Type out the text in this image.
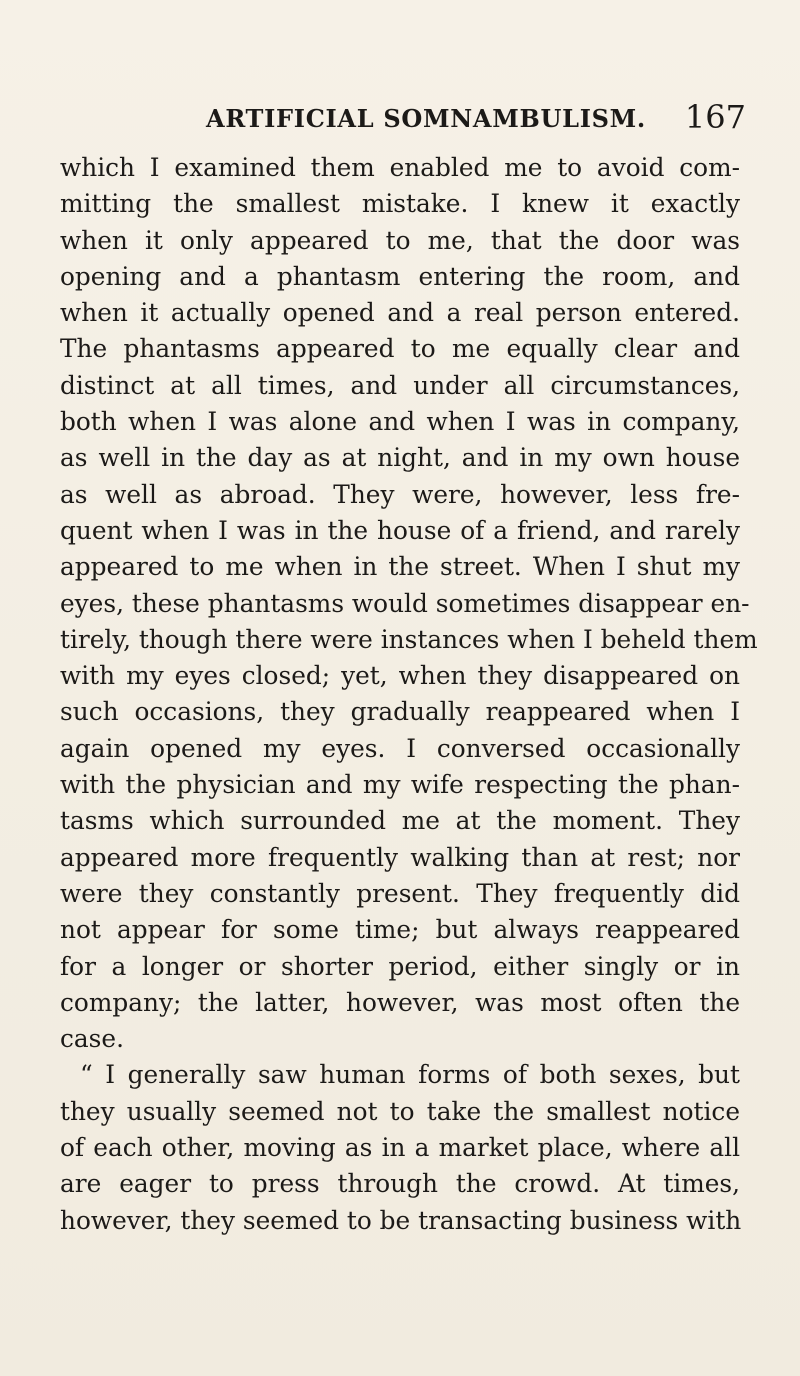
ARTIFICIAL SOMNAMBULISM. 167
which I examined them enabled me to avoid com-
mitting the smallest mistake. I knew it exactly
when it only appeared to me, that the door was
opening and a phantasm entering the room, and
when it actually opened and a real person entered.
The phantasms appeared to me equally clear and
distinct at all times, and under all circumstances,
both when I was alone and when I was in company,
as well in the day as at night, and in my own house
as well as abroad. They were, however, less fre-
quent when I was in the house of a friend, and rarely
appeared to me when in the street. When I shut my
eyes, these phantasms would sometimes disappear en-
tirely, though there were instances when I beheld them
with my eyes closed; yet, when they disappeared on
such occasions, they gradually reappeared when I
again opened my eyes. I conversed occasionally
with the physician and my wife respecting the phan-
tasms which surrounded me at the moment. They
appeared more frequently walking than at rest; nor
were they constantly present. They frequently did
not appear for some time; but always reappeared
for a longer or shorter period, either singly or in
company; the latter, however, was most often the
case.
“ I generally saw human forms of both sexes, but
they usually seemed not to take the smallest notice
of each other, moving as in a market place, where all
are eager to press through the crowd. At times,
however, they seemed to be transacting business with
